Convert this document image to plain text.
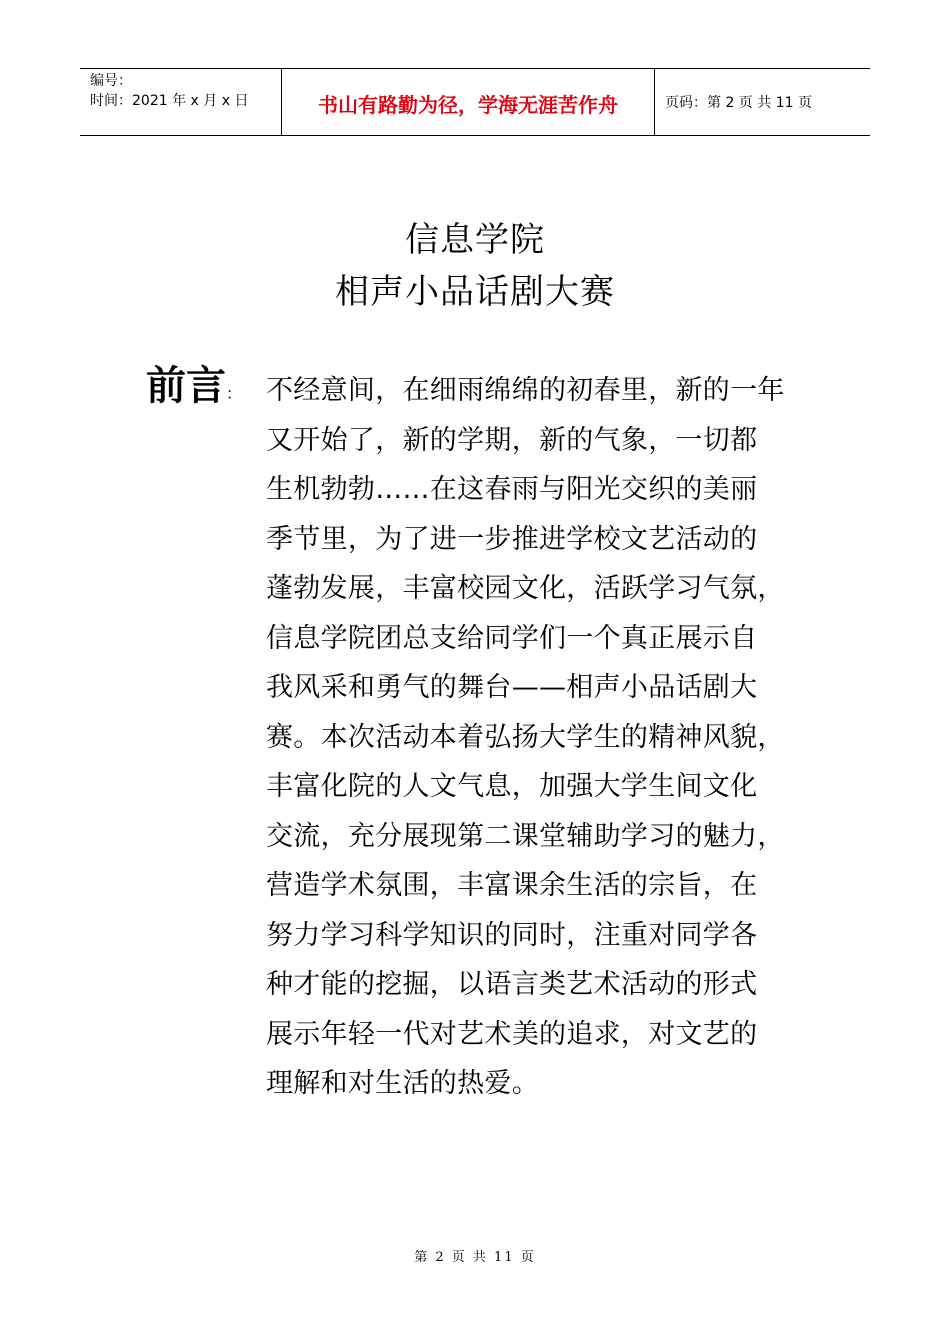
编号：
时间：2021 年 x 月 x 日	书山有路勤为径，学海无涯苦作舟	页码：第 2 页 共 11 页
信息学院
相声小品话剧大赛
前言： 不经意间，在细雨绵绵的初春里，新的一年
又开始了，新的学期，新的气象，一切都
生机勃勃……在这春雨与阳光交织的美丽
季节里，为了进一步推进学校文艺活动的
蓬勃发展，丰富校园文化，活跃学习气氛，
信息学院团总支给同学们一个真正展示自
我风采和勇气的舞台——相声小品话剧大
赛。本次活动本着弘扬大学生的精神风貌，
丰富化院的人文气息，加强大学生间文化
交流，充分展现第二课堂辅助学习的魅力，
营造学术氛围，丰富课余生活的宗旨，在
努力学习科学知识的同时，注重对同学各
种才能的挖掘，以语言类艺术活动的形式
展示年轻一代对艺术美的追求，对文艺的
理解和对生活的热爱。
第 2 页 共 11 页
